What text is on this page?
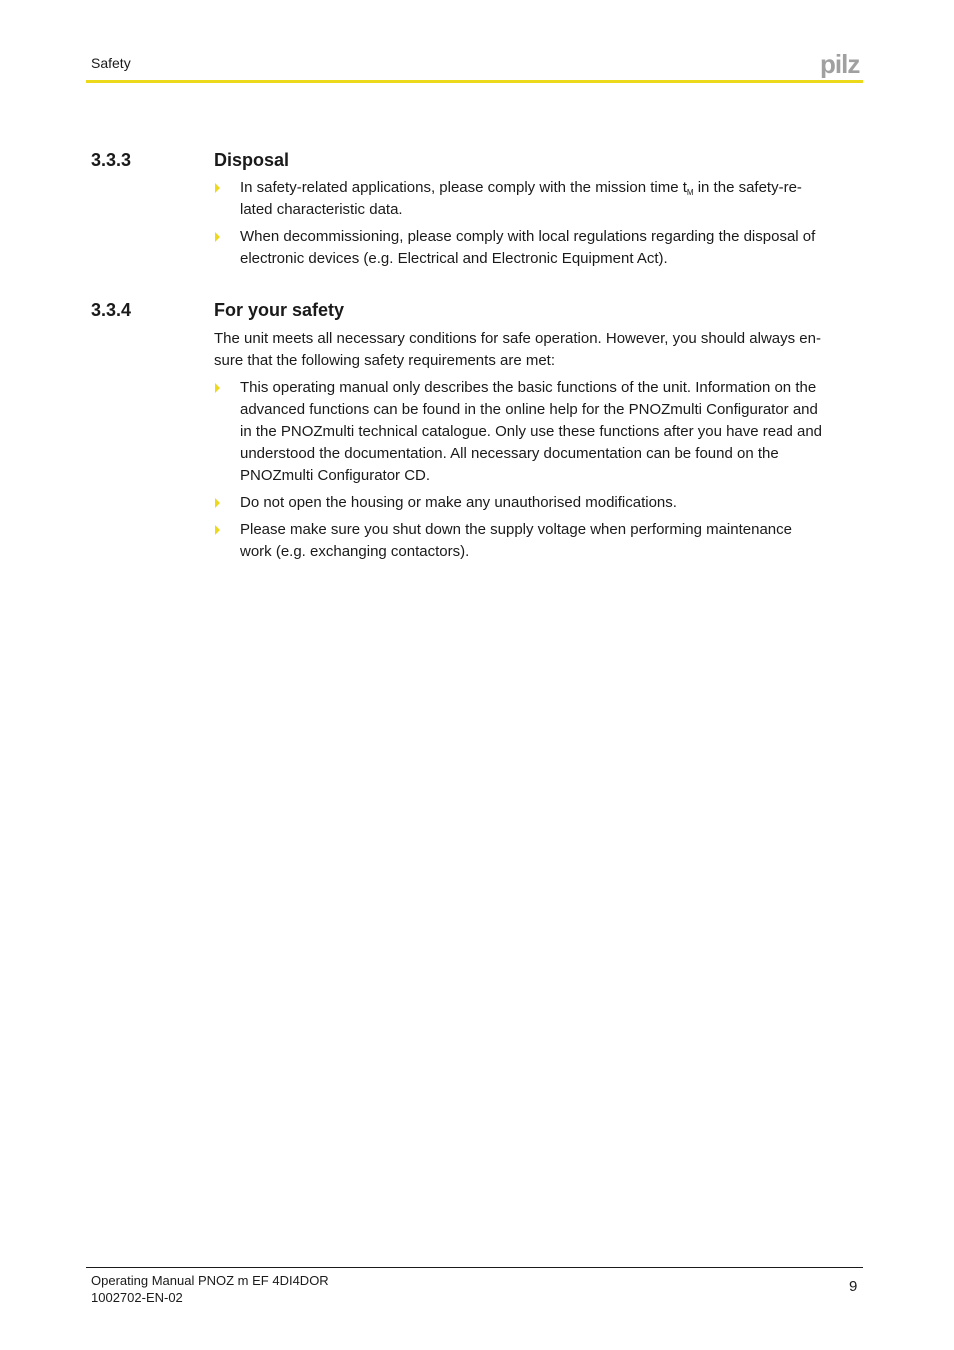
Safety	pilz
3.3.3	Disposal
In safety-related applications, please comply with the mission time $t_M$ in the safety-re-
lated characteristic data.
When decommissioning, please comply with local regulations regarding the disposal of
electronic devices (e.g. Electrical and Electronic Equipment Act).
3.3.4	For your safety
The unit meets all necessary conditions for safe operation. However, you should always en-
sure that the following safety requirements are met:
This operating manual only describes the basic functions of the unit. Information on the
advanced functions can be found in the online help for the PNOZmulti Configurator and
in the PNOZmulti technical catalogue. Only use these functions after you have read and
understood the documentation. All necessary documentation can be found on the
PNOZmulti Configurator CD.
Do not open the housing or make any unauthorised modifications.
Please make sure you shut down the supply voltage when performing maintenance
work (e.g. exchanging contactors).
Operating Manual PNOZ m EF 4DI4DOR
1002702-EN-02
9
